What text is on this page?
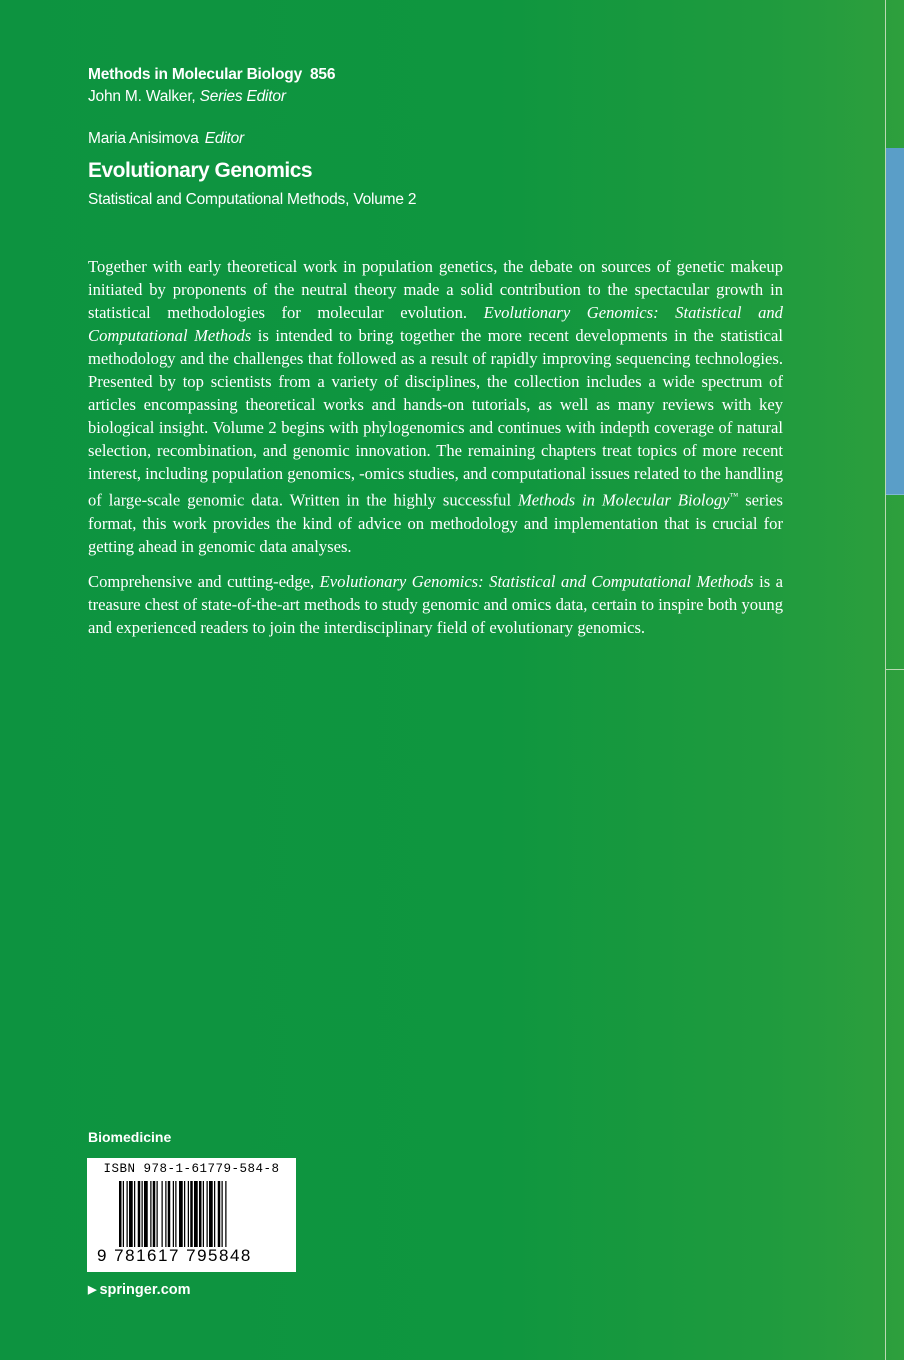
Methods in Molecular Biology 856
John M. Walker, Series Editor
Maria Anisimova Editor
Evolutionary Genomics
Statistical and Computational Methods, Volume 2

Together with early theoretical work in population genetics, the debate on sources of genetic makeup initiated by proponents of the neutral theory made a solid contribution to the spectacular growth in statistical methodologies for molecular evolution. Evolutionary Genomics: Statistical and Computational Methods is intended to bring together the more recent developments in the statistical methodology and the challenges that followed as a result of rapidly improving sequencing technologies. Presented by top scientists from a variety of disciplines, the collection includes a wide spectrum of articles encompassing theoretical works and hands-on tutorials, as well as many reviews with key biological insight. Volume 2 begins with phylogenomics and continues with indepth coverage of natural selection, recombination, and genomic innovation. The remaining chapters treat topics of more recent interest, including population genomics, -omics studies, and computational issues related to the handling of large-scale genomic data. Written in the highly successful Methods in Molecular Biology™ series format, this work provides the kind of advice on methodology and implementation that is crucial for getting ahead in genomic data analyses.

Comprehensive and cutting-edge, Evolutionary Genomics: Statistical and Computational Methods is a treasure chest of state-of-the-art methods to study genomic and omics data, certain to inspire both young and experienced readers to join the interdisciplinary field of evolutionary genomics.

Biomedicine
ISBN 978-1-61779-584-8
9 781617 795848
▶ springer.com
